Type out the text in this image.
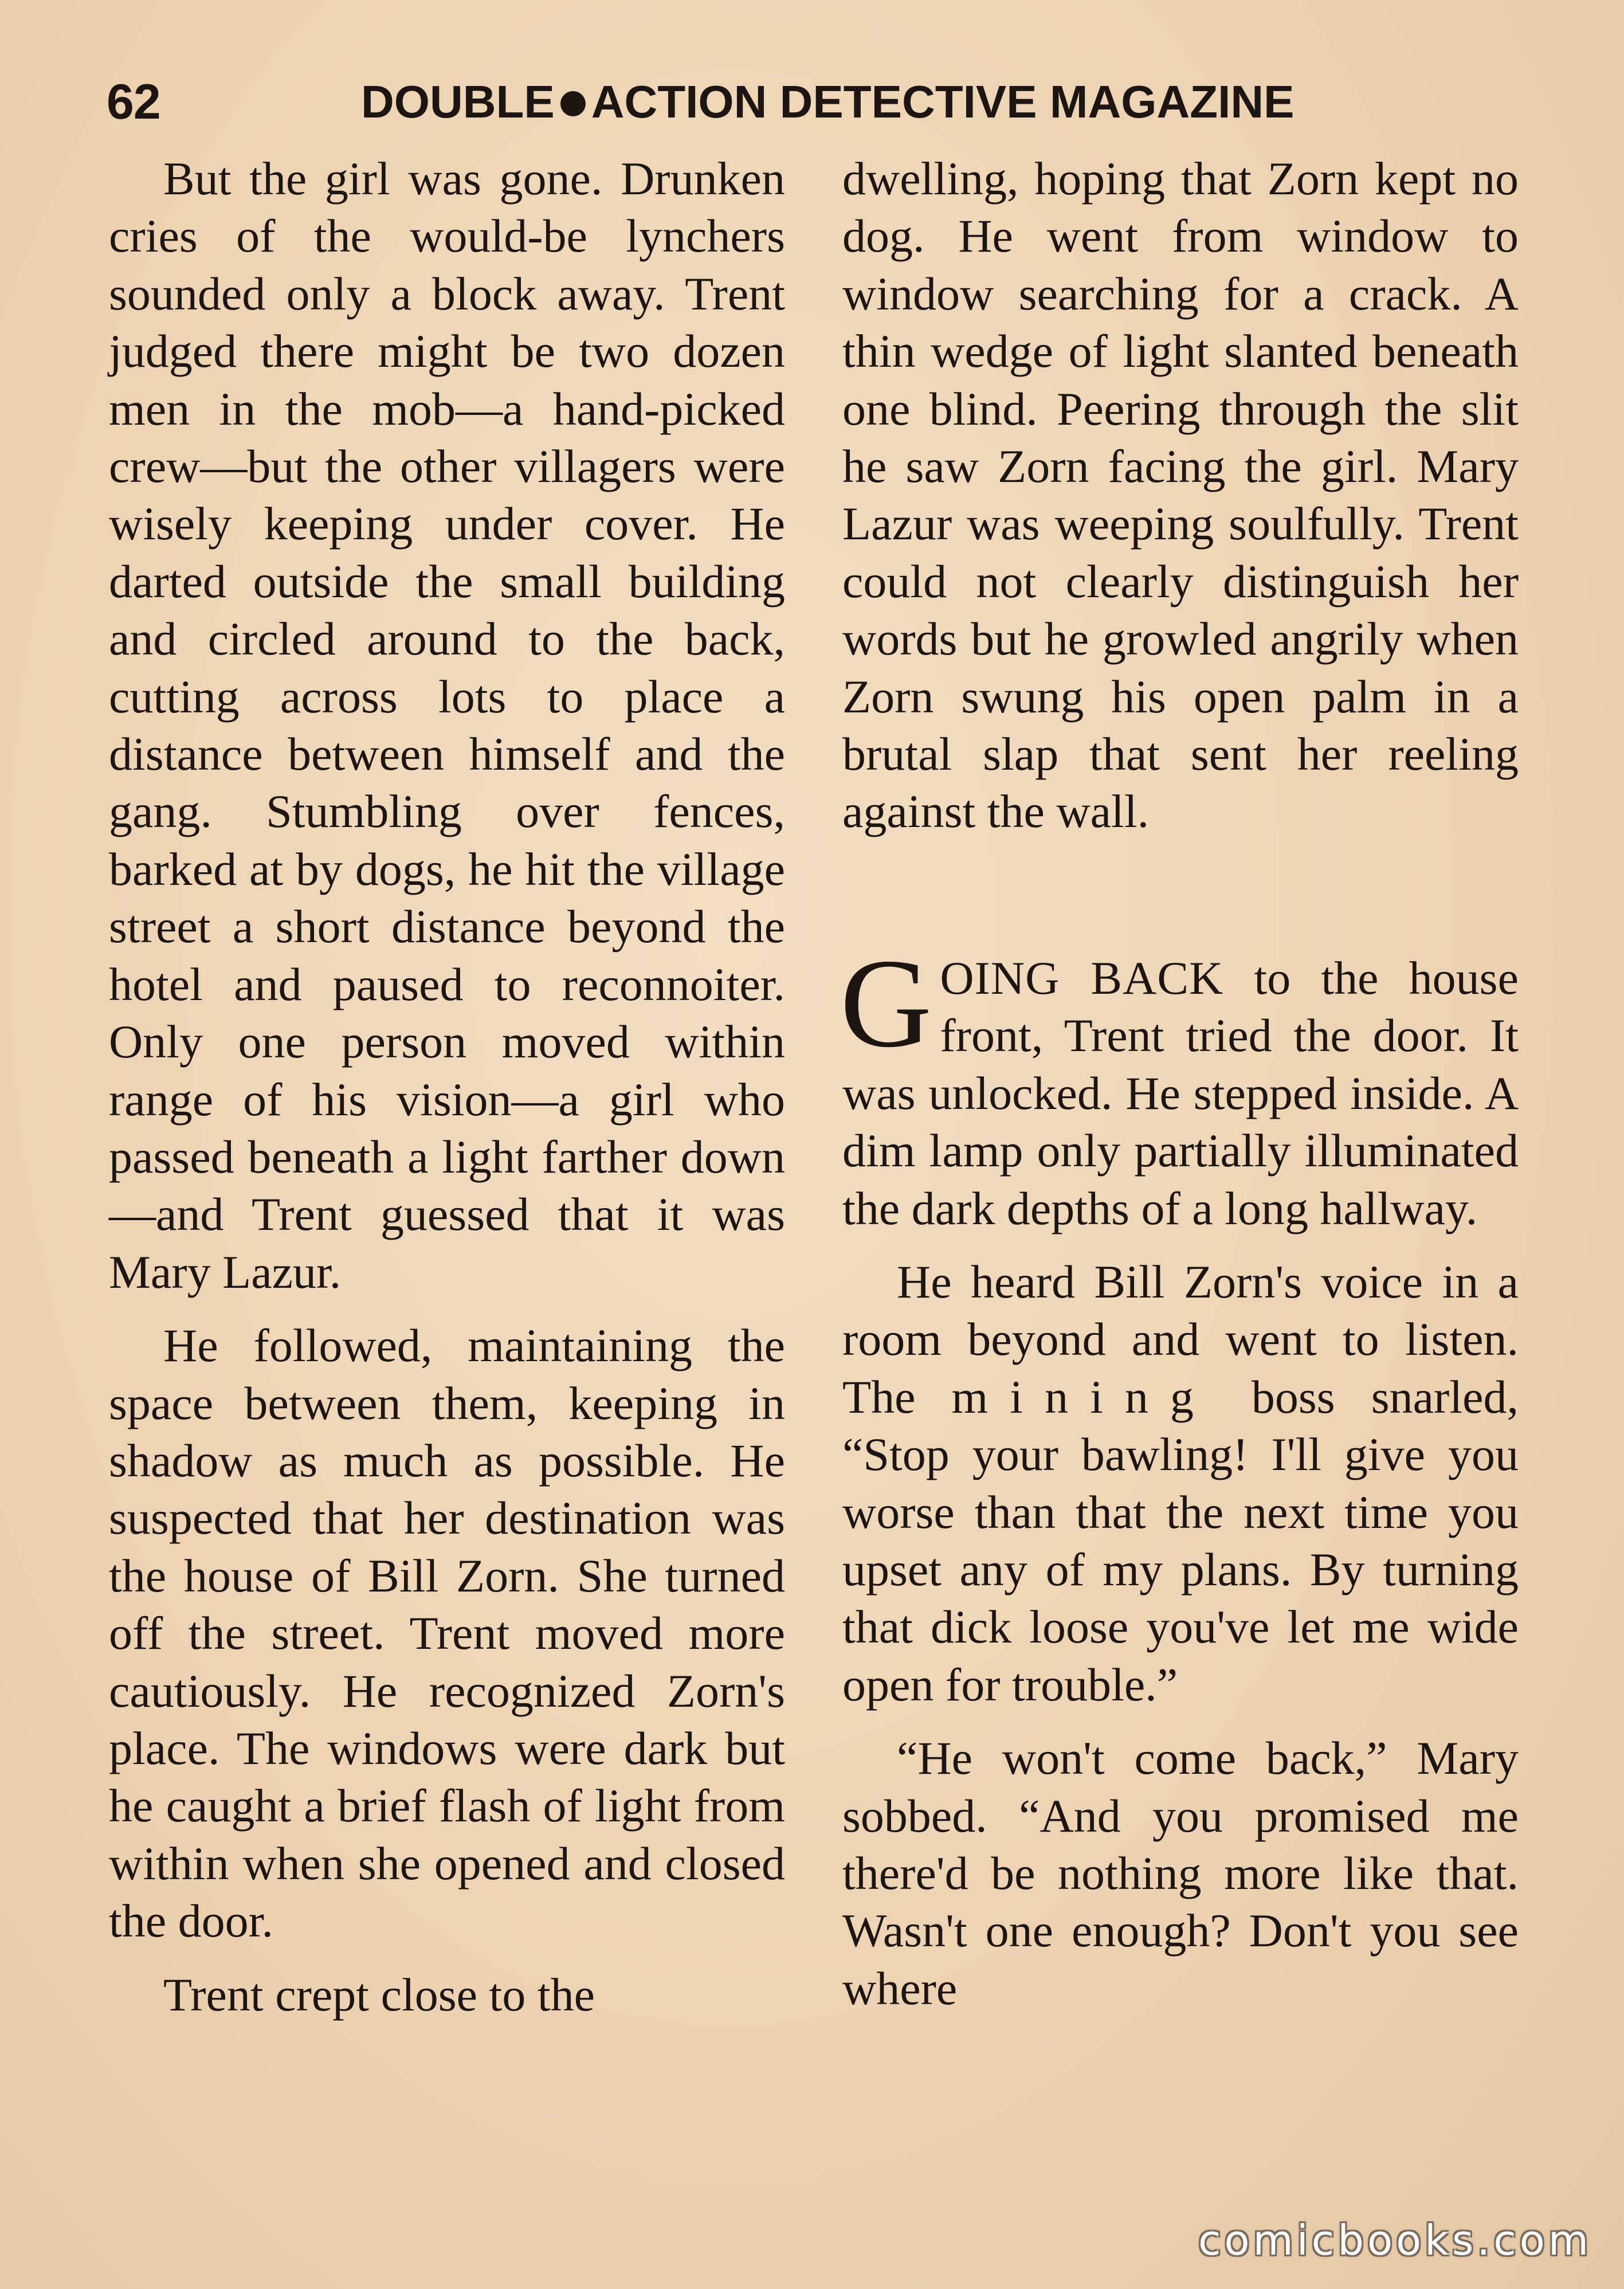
62	DOUBLE ACTION DETECTIVE MAGAZINE

But the girl was gone. Drunken cries of the would-be lynchers sounded only a block away. Trent judged there might be two dozen men in the mob—a hand-picked crew—but the other villagers were wisely keeping under cover. He darted outside the small building and circled around to the back, cutting across lots to place a distance between himself and the gang. Stumbling over fences, barked at by dogs, he hit the village street a short distance beyond the hotel and paused to reconnoiter. Only one person moved within range of his vision—a girl who passed beneath a light farther down—and Trent guessed that it was Mary Lazur.

He followed, maintaining the space between them, keeping in shadow as much as possible. He suspected that her destination was the house of Bill Zorn. She turned off the street. Trent moved more cautiously. He recognized Zorn's place. The windows were dark but he caught a brief flash of light from within when she opened and closed the door.

Trent crept close to the

dwelling, hoping that Zorn kept no dog. He went from window to window searching for a crack. A thin wedge of light slanted beneath one blind. Peering through the slit he saw Zorn facing the girl. Mary Lazur was weeping soulfully. Trent could not clearly distinguish her words but he growled angrily when Zorn swung his open palm in a brutal slap that sent her reeling against the wall.

GOING BACK to the house front, Trent tried the door. It was unlocked. He stepped inside. A dim lamp only partially illuminated the dark depths of a long hallway.

He heard Bill Zorn's voice in a room beyond and went to listen. The mining boss snarled, “Stop your bawling! I'll give you worse than that the next time you upset any of my plans. By turning that dick loose you've let me wide open for trouble.”

“He won't come back,” Mary sobbed. “And you promised me there'd be nothing more like that. Wasn't one enough? Don't you see where

comicbooks.com
